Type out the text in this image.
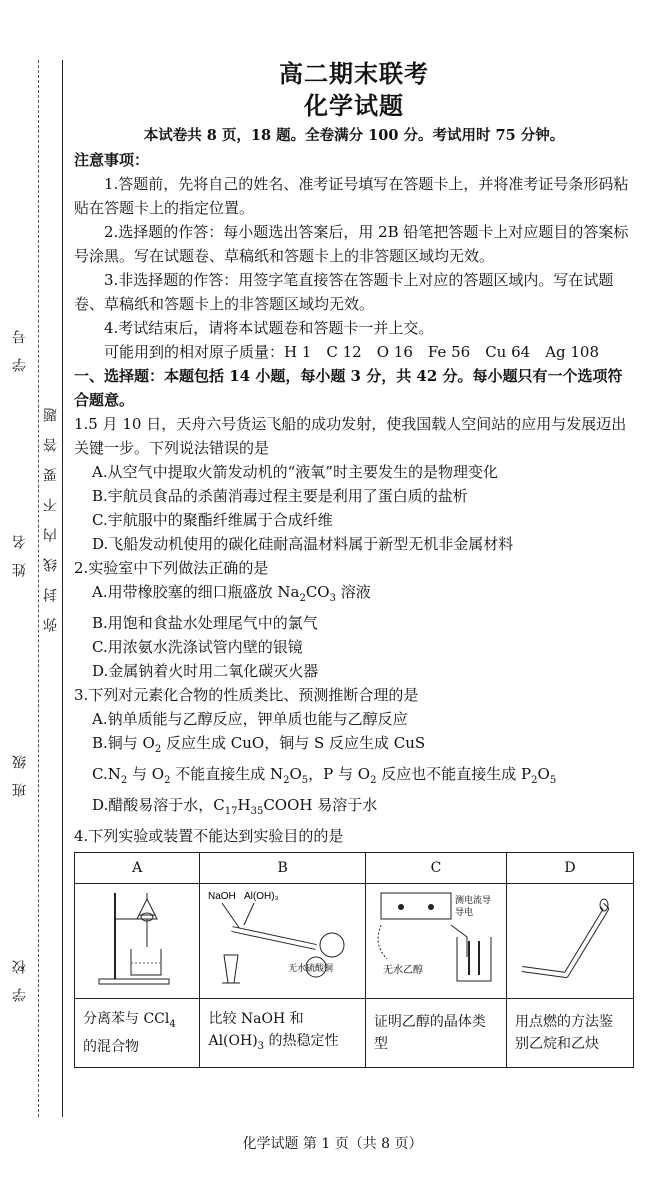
学　号
姓　名
班　级
学　校
弥封线内不要答题
高二期末联考
化学试题
本试卷共 8 页，18 题。全卷满分 100 分。考试用时 75 分钟。
注意事项：
1.答题前，先将自己的姓名、准考证号填写在答题卡上，并将准考证号条形码粘贴在答题卡上的指定位置。
2.选择题的作答：每小题选出答案后，用 2B 铅笔把答题卡上对应题目的答案标号涂黑。写在试题卷、草稿纸和答题卡上的非答题区域均无效。
3.非选择题的作答：用签字笔直接答在答题卡上对应的答题区域内。写在试题卷、草稿纸和答题卡上的非答题区域均无效。
4.考试结束后，请将本试题卷和答题卡一并上交。
可能用到的相对原子质量：H 1　C 12　O 16　Fe 56　Cu 64　Ag 108
一、选择题：本题包括 14 小题，每小题 3 分，共 42 分。每小题只有一个选项符合题意。
1.5 月 10 日，天舟六号货运飞船的成功发射，使我国载人空间站的应用与发展迈出关键一步。下列说法错误的是
A.从空气中提取火箭发动机的“液氧”时主要发生的是物理变化
B.宇航员食品的杀菌消毒过程主要是利用了蛋白质的盐析
C.宇航服中的聚酯纤维属于合成纤维
D.飞船发动机使用的碳化硅耐高温材料属于新型无机非金属材料
2.实验室中下列做法正确的是
A.用带橡胶塞的细口瓶盛放 $Na_2CO_3$ 溶液
B.用饱和食盐水处理尾气中的氯气
C.用浓氨水洗涤试管内壁的银镜
D.金属钠着火时用二氧化碳灭火器
3.下列对元素化合物的性质类比、预测推断合理的是
A.钠单质能与乙醇反应，钾单质也能与乙醇反应
B.铜与 $O_2$ 反应生成 CuO，铜与 S 反应生成 CuS
$C.N_2$ 与 $O_2$ 不能直接生成 $N_2O_5$，P 与 $O_2$ 反应也不能直接生成 $P_2O_5$
D.醋酸易溶于水，$C_{17}H_{35}COOH$ 易溶于水
4.下列实验或装置不能达到实验目的的是
A	B	C	D

NaOH Al(OH)₃
无水硫酸铜	测电流导
导电
无水乙醇

分离苯与 CCl$_4$ 的混合物	比较 NaOH 和 $Al(OH)_3$ 的热稳定性	证明乙醇的晶体类型	用点燃的方法鉴别乙烷和乙炔
化学试题 第 1 页（共 8 页）
